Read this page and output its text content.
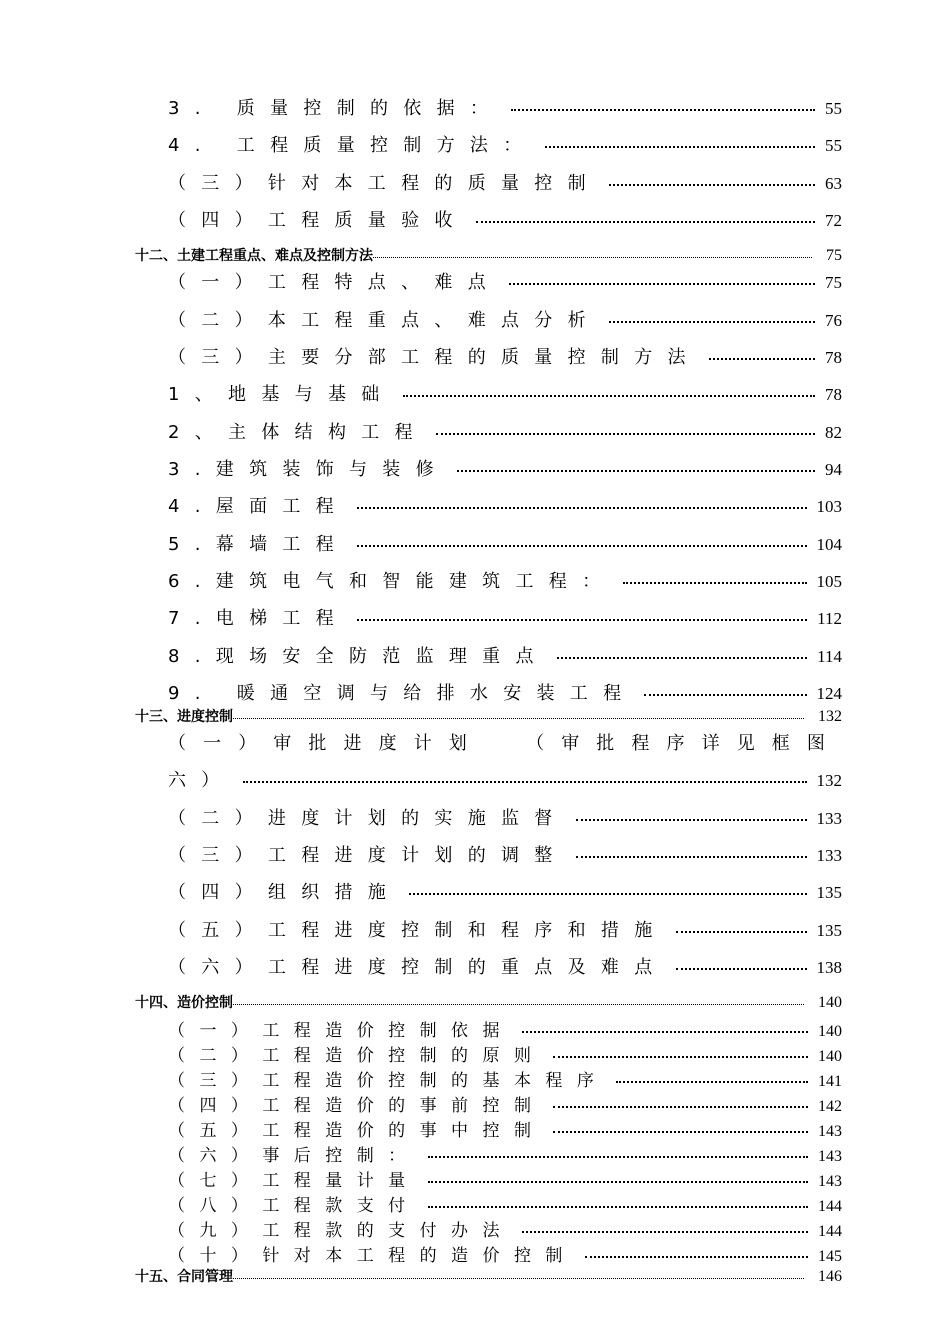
3. 质量控制的依据：	55
4. 工程质量控制方法：	55
（三）针对本工程的质量控制	63
（四）工程质量验收	72
十二、土建工程重点、难点及控制方法	75
（一）工程特点、难点	75
（二）本工程重点、难点分析	76
（三）主要分部工程的质量控制方法	78
1、地基与基础	78
2、主体结构工程	82
3.建筑装饰与装修	94
4.屋面工程	103
5.幕墙工程	104
6.建筑电气和智能建筑工程：	105
7.电梯工程	112
8.现场安全防范监理重点	114
9. 暖通空调与给排水安装工程	124
十三、进度控制	132
（一）审批进度计划 （审批程序详见框图
六）	132
（二）进度计划的实施监督	133
（三）工程进度计划的调整	133
（四）组织措施	135
（五）工程进度控制和程序和措施	135
（六）工程进度控制的重点及难点	138
十四、造价控制	140
（一）工程造价控制依据	140
（二）工程造价控制的原则	140
（三）工程造价控制的基本程序	141
（四）工程造价的事前控制	142
（五）工程造价的事中控制	143
（六）事后控制：	143
（七）工程量计量	143
（八）工程款支付	144
（九）工程款的支付办法	144
（十）针对本工程的造价控制	145
十五、合同管理	146
